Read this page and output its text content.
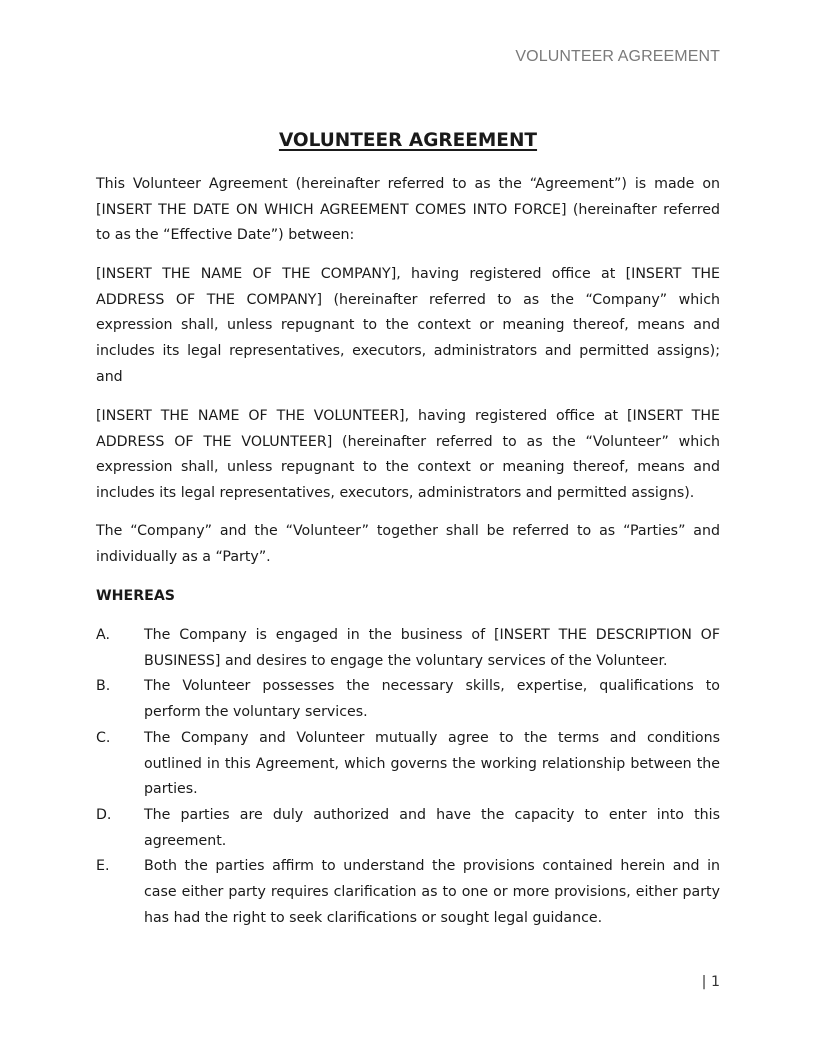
VOLUNTEER AGREEMENT
VOLUNTEER AGREEMENT

This Volunteer Agreement (hereinafter referred to as the “Agreement”) is made on [INSERT THE DATE ON WHICH AGREEMENT COMES INTO FORCE] (hereinafter referred to as the “Effective Date”) between:

[INSERT THE NAME OF THE COMPANY], having registered office at [INSERT THE ADDRESS OF THE COMPANY] (hereinafter referred to as the “Company” which expression shall, unless repugnant to the context or meaning thereof, means and includes its legal representatives, executors, administrators and permitted assigns); and

[INSERT THE NAME OF THE VOLUNTEER], having registered office at [INSERT THE ADDRESS OF THE VOLUNTEER] (hereinafter referred to as the “Volunteer” which expression shall, unless repugnant to the context or meaning thereof, means and includes its legal representatives, executors, administrators and permitted assigns).

The “Company” and the “Volunteer” together shall be referred to as “Parties” and individually as a “Party”.

WHEREAS
A. The Company is engaged in the business of [INSERT THE DESCRIPTION OF BUSINESS] and desires to engage the voluntary services of the Volunteer.
B. The Volunteer possesses the necessary skills, expertise, qualifications to perform the voluntary services.
C. The Company and Volunteer mutually agree to the terms and conditions outlined in this Agreement, which governs the working relationship between the parties.
D. The parties are duly authorized and have the capacity to enter into this agreement.
E. Both the parties affirm to understand the provisions contained herein and in case either party requires clarification as to one or more provisions, either party has had the right to seek clarifications or sought legal guidance.
| 1
